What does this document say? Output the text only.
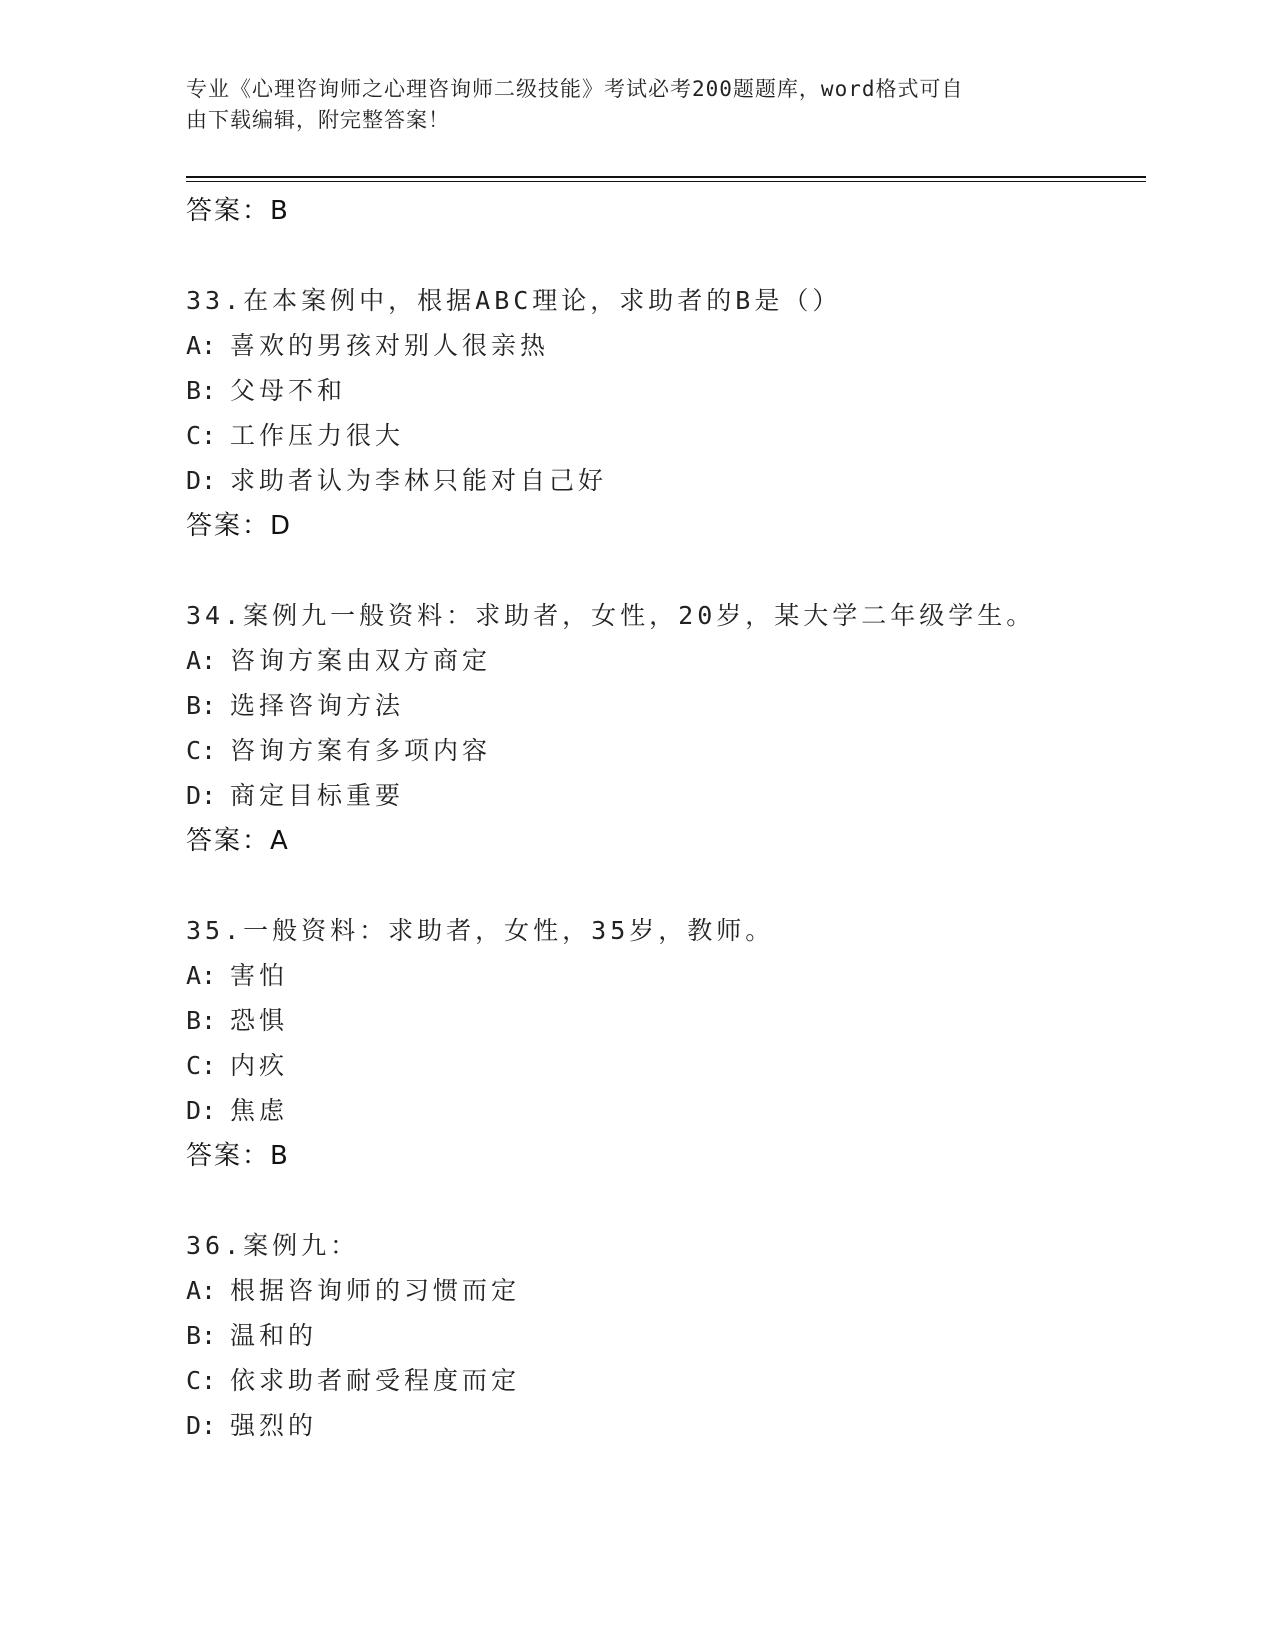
专业《心理咨询师之心理咨询师二级技能》考试必考200题题库，word格式可自
由下载编辑，附完整答案！
答案：B
33.在本案例中，根据ABC理论，求助者的B是（）
A: 喜欢的男孩对别人很亲热
B: 父母不和
C: 工作压力很大
D: 求助者认为李林只能对自己好
答案：D
34.案例九一般资料：求助者，女性，20岁，某大学二年级学生。
A: 咨询方案由双方商定
B: 选择咨询方法
C: 咨询方案有多项内容
D: 商定目标重要
答案：A
35.一般资料：求助者，女性，35岁，教师。
A: 害怕
B: 恐惧
C: 内疚
D: 焦虑
答案：B
36.案例九：
A: 根据咨询师的习惯而定
B: 温和的
C: 依求助者耐受程度而定
D: 强烈的
